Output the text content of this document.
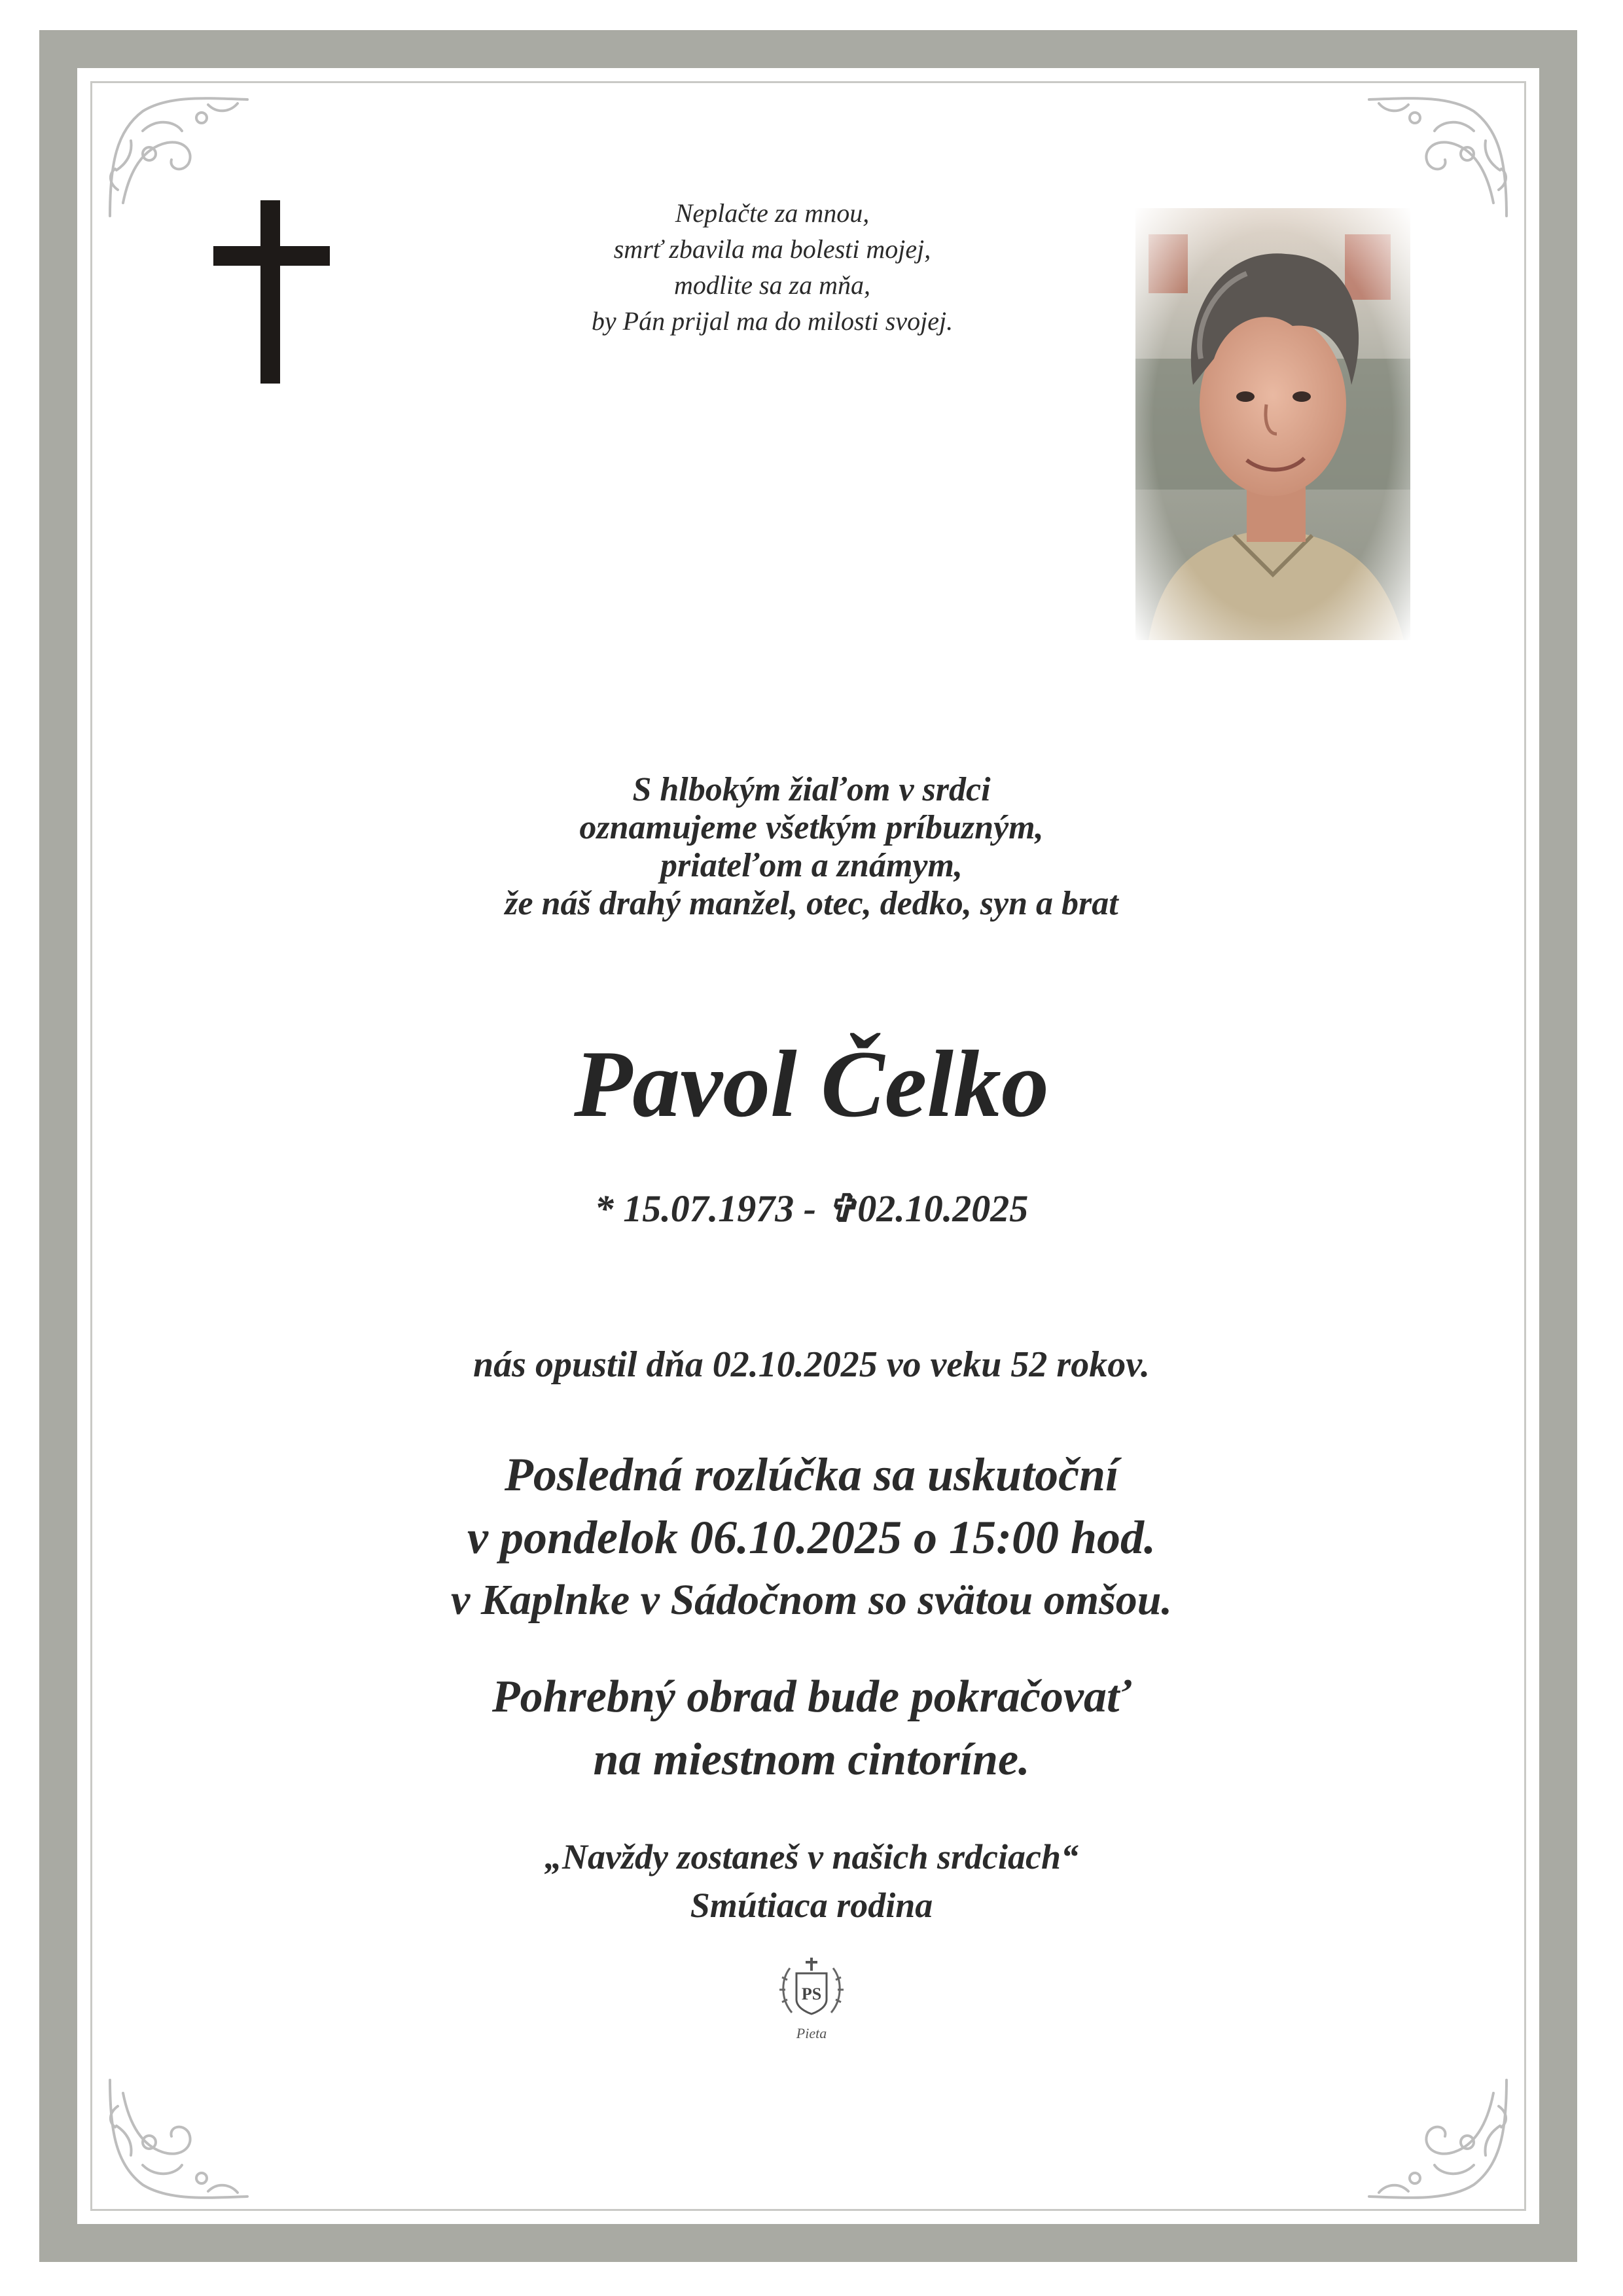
Neplačte za mnou,
smrť zbavila ma bolesti mojej,
modlite sa za mňa,
by Pán prijal ma do milosti svojej.
S hlbokým žiaľom v srdci
oznamujeme všetkým príbuzným,
priateľom a známym,
že náš drahý manžel, otec, dedko, syn a brat
Pavol Čelko
* 15.07.1973 - ✞02.10.2025
nás opustil dňa 02.10.2025 vo veku 52 rokov.
Posledná rozlúčka sa uskutoční
v pondelok 06.10.2025 o 15:00 hod.
v Kaplnke v Sádočnom so svätou omšou.
Pohrebný obrad bude pokračovať
na miestnom cintoríne.
„Navždy zostaneš v našich srdciach“
Smútiaca rodina
PS
Pieta
